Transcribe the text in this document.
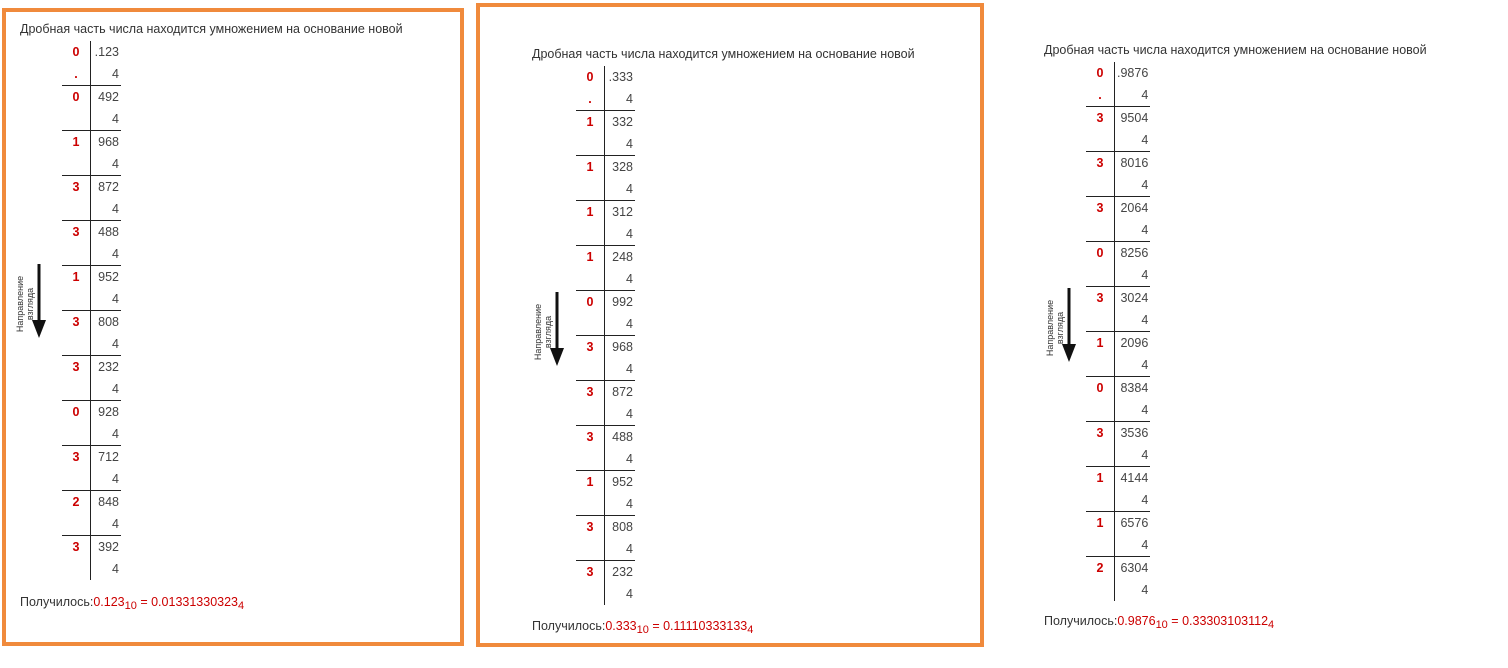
Дробная часть числа находится умножением на основание новой
0	.123
.	4
0	492
	4
1	968
	4
3	872
	4
3	488
	4
1	952
	4
3	808
	4
3	232
	4
0	928
	4
3	712
	4
2	848
	4
3	392
	4
Направление взгляда
$Получилось:0.123_{10} = 0.01331330323_4$
Дробная часть числа находится умножением на основание новой
0	.333
.	4
1	332
	4
1	328
	4
1	312
	4
1	248
	4
0	992
	4
3	968
	4
3	872
	4
3	488
	4
1	952
	4
3	808
	4
3	232
	4
Направление взгляда
$Получилось:0.333_{10} = 0.11110333133_4$
Дробная часть числа находится умножением на основание новой
0	.9876
.	4
3	9504
	4
3	8016
	4
3	2064
	4
0	8256
	4
3	3024
	4
1	2096
	4
0	8384
	4
3	3536
	4
1	4144
	4
1	6576
	4
2	6304
	4
Направление взгляда
$Получилось:0.9876_{10} = 0.33303103112_4$
